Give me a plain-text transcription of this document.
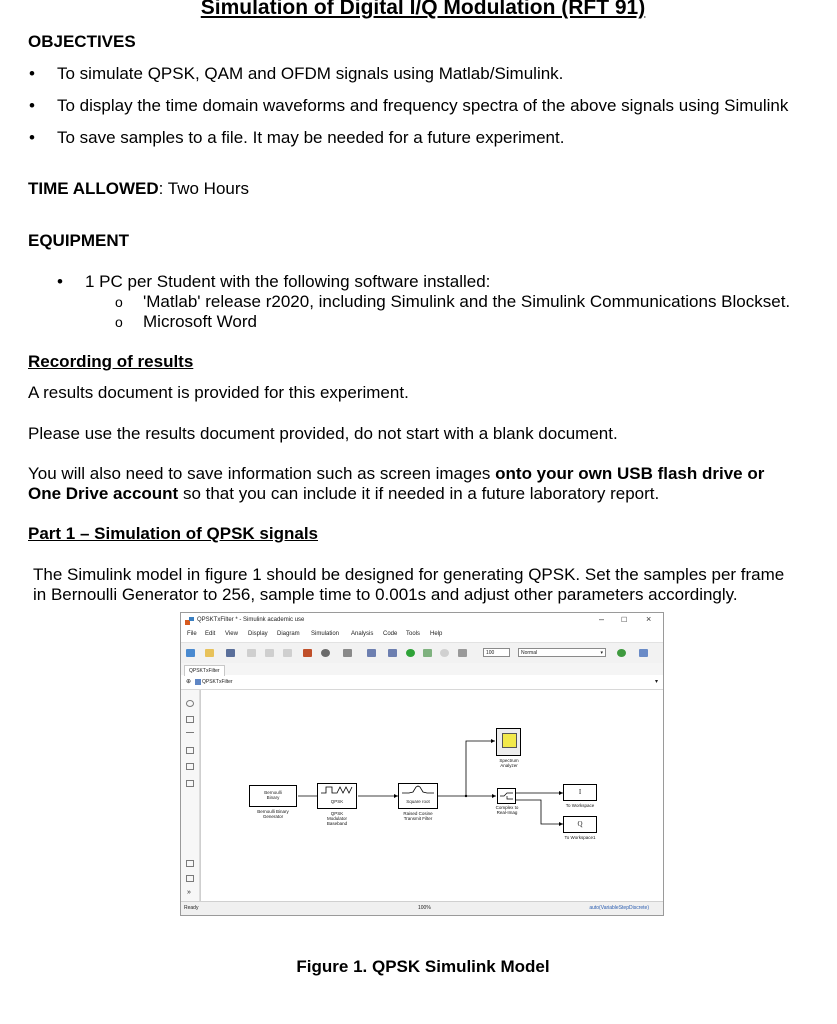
Simulation of Digital I/Q Modulation (RFT 91)
OBJECTIVES
• To simulate QPSK, QAM and OFDM signals using Matlab/Simulink.
• To display the time domain waveforms and frequency spectra of the above signals using Simulink
• To save samples to a file. It may be needed for a future experiment.
TIME ALLOWED: Two Hours
EQUIPMENT
• 1 PC per Student with the following software installed:
o 'Matlab' release r2020, including Simulink and the Simulink Communications Blockset.
o Microsoft Word
Recording of results
A results document is provided for this experiment.
Please use the results document provided, do not start with a blank document.
You will also need to save information such as screen images onto your own USB flash drive or
One Drive account so that you can include it if needed in a future laboratory report.
Part 1 – Simulation of QPSK signals
The Simulink model in figure 1 should be designed for generating QPSK. Set the samples per frame
in Bernoulli Generator to 256, sample time to 0.001s and adjust other parameters accordingly.
QPSKTxFilter * - Simulink academic use	– ☐ ×
File Edit View Display Diagram Simulation Analysis Code Tools Help
100	Normal	▾
QPSKTxFilter
⊕ QPSKTxFilter	▾
»
Bernoulli
Binary
Bernoulli Binary
Generator
QPSK
QPSK
Modulator
Baseband
Square root
Raised Cosine
Transmit Filter
Spectrum
Analyzer
Complex to
Real-Imag
I
To Workspace
Q
To Workspace1
Ready	100%	auto(VariableStepDiscrete)
Figure 1. QPSK Simulink Model
